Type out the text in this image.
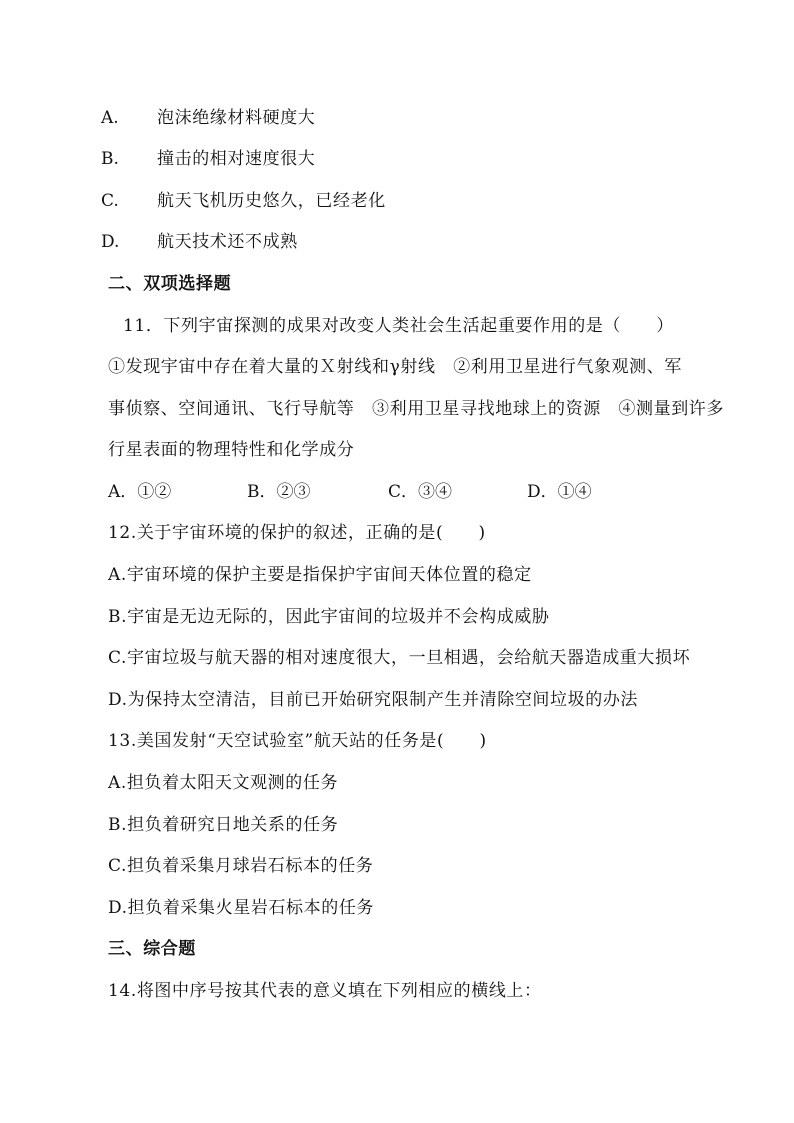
A. 泡沫绝缘材料硬度大
B. 撞击的相对速度很大
C. 航天飞机历史悠久，已经老化
D. 航天技术还不成熟
二、双项选择题
11．下列宇宙探测的成果对改变人类社会生活起重要作用的是（　　）
①发现宇宙中存在着大量的Ｘ射线和γ射线　②利用卫星进行气象观测、军
事侦察、空间通讯、飞行导航等　③利用卫星寻找地球上的资源　④测量到许多
行星表面的物理特性和化学成分
A．①②	B．②③	C．③④	D．①④
12.关于宇宙环境的保护的叙述，正确的是(　　)
A.宇宙环境的保护主要是指保护宇宙间天体位置的稳定
B.宇宙是无边无际的，因此宇宙间的垃圾并不会构成威胁
C.宇宙垃圾与航天器的相对速度很大，一旦相遇，会给航天器造成重大损坏
D.为保持太空清洁，目前已开始研究限制产生并清除空间垃圾的办法
13.美国发射“天空试验室”航天站的任务是(　　)
A.担负着太阳天文观测的任务
B.担负着研究日地关系的任务
C.担负着采集月球岩石标本的任务
D.担负着采集火星岩石标本的任务
三、综合题
14.将图中序号按其代表的意义填在下列相应的横线上：
